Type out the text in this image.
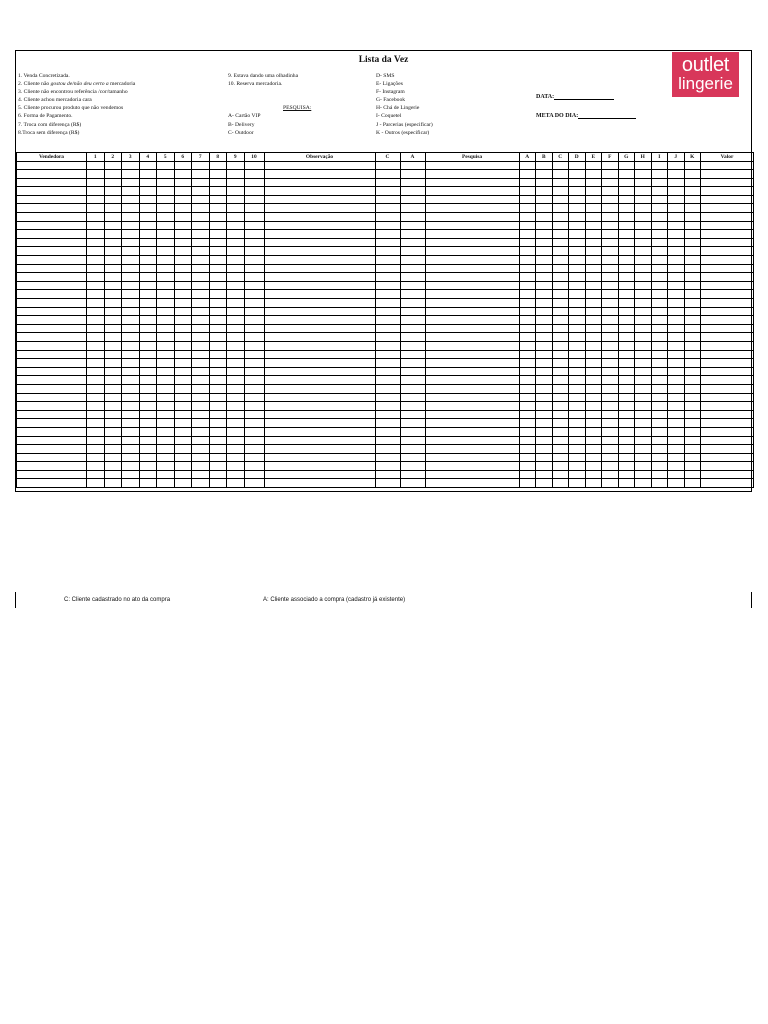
Lista da Vez	outlet
lingerie
1. Venda Concretizada.
2. Cliente não gostou de/não deu certo a mercadoria
3. Cliente não encontrou referência /cor/tamanho
4. Cliente achou mercadoria cara
5. Cliente procurou produto que não vendemos
6. Forma de Pagamento.
7. Troca com diferença (R$)
8.Troca sem diferença (R$)
9. Estava dando uma olhadinha
10. Reserva mercadoria.
PESQUISA:
A- Cartão VIP
B- Delivery
C- Outdoor
D- SMS
E- Ligações
F- Instagram
G- Facebook
H- Chá de Lingerie
I- Coquetel
J - Parcerias (especificar)
K - Outros (especificar)
DATA:
META DO DIA:
Vendedora	1	2	3	4	5	6	7	8	9	10	Observação	C	A	Pesquisa	A	B	C	D	E	F	G	H	I	J	K	Valor

C: Cliente cadastrado no ato da compra	A: Cliente associado a compra (cadastro já existente)
